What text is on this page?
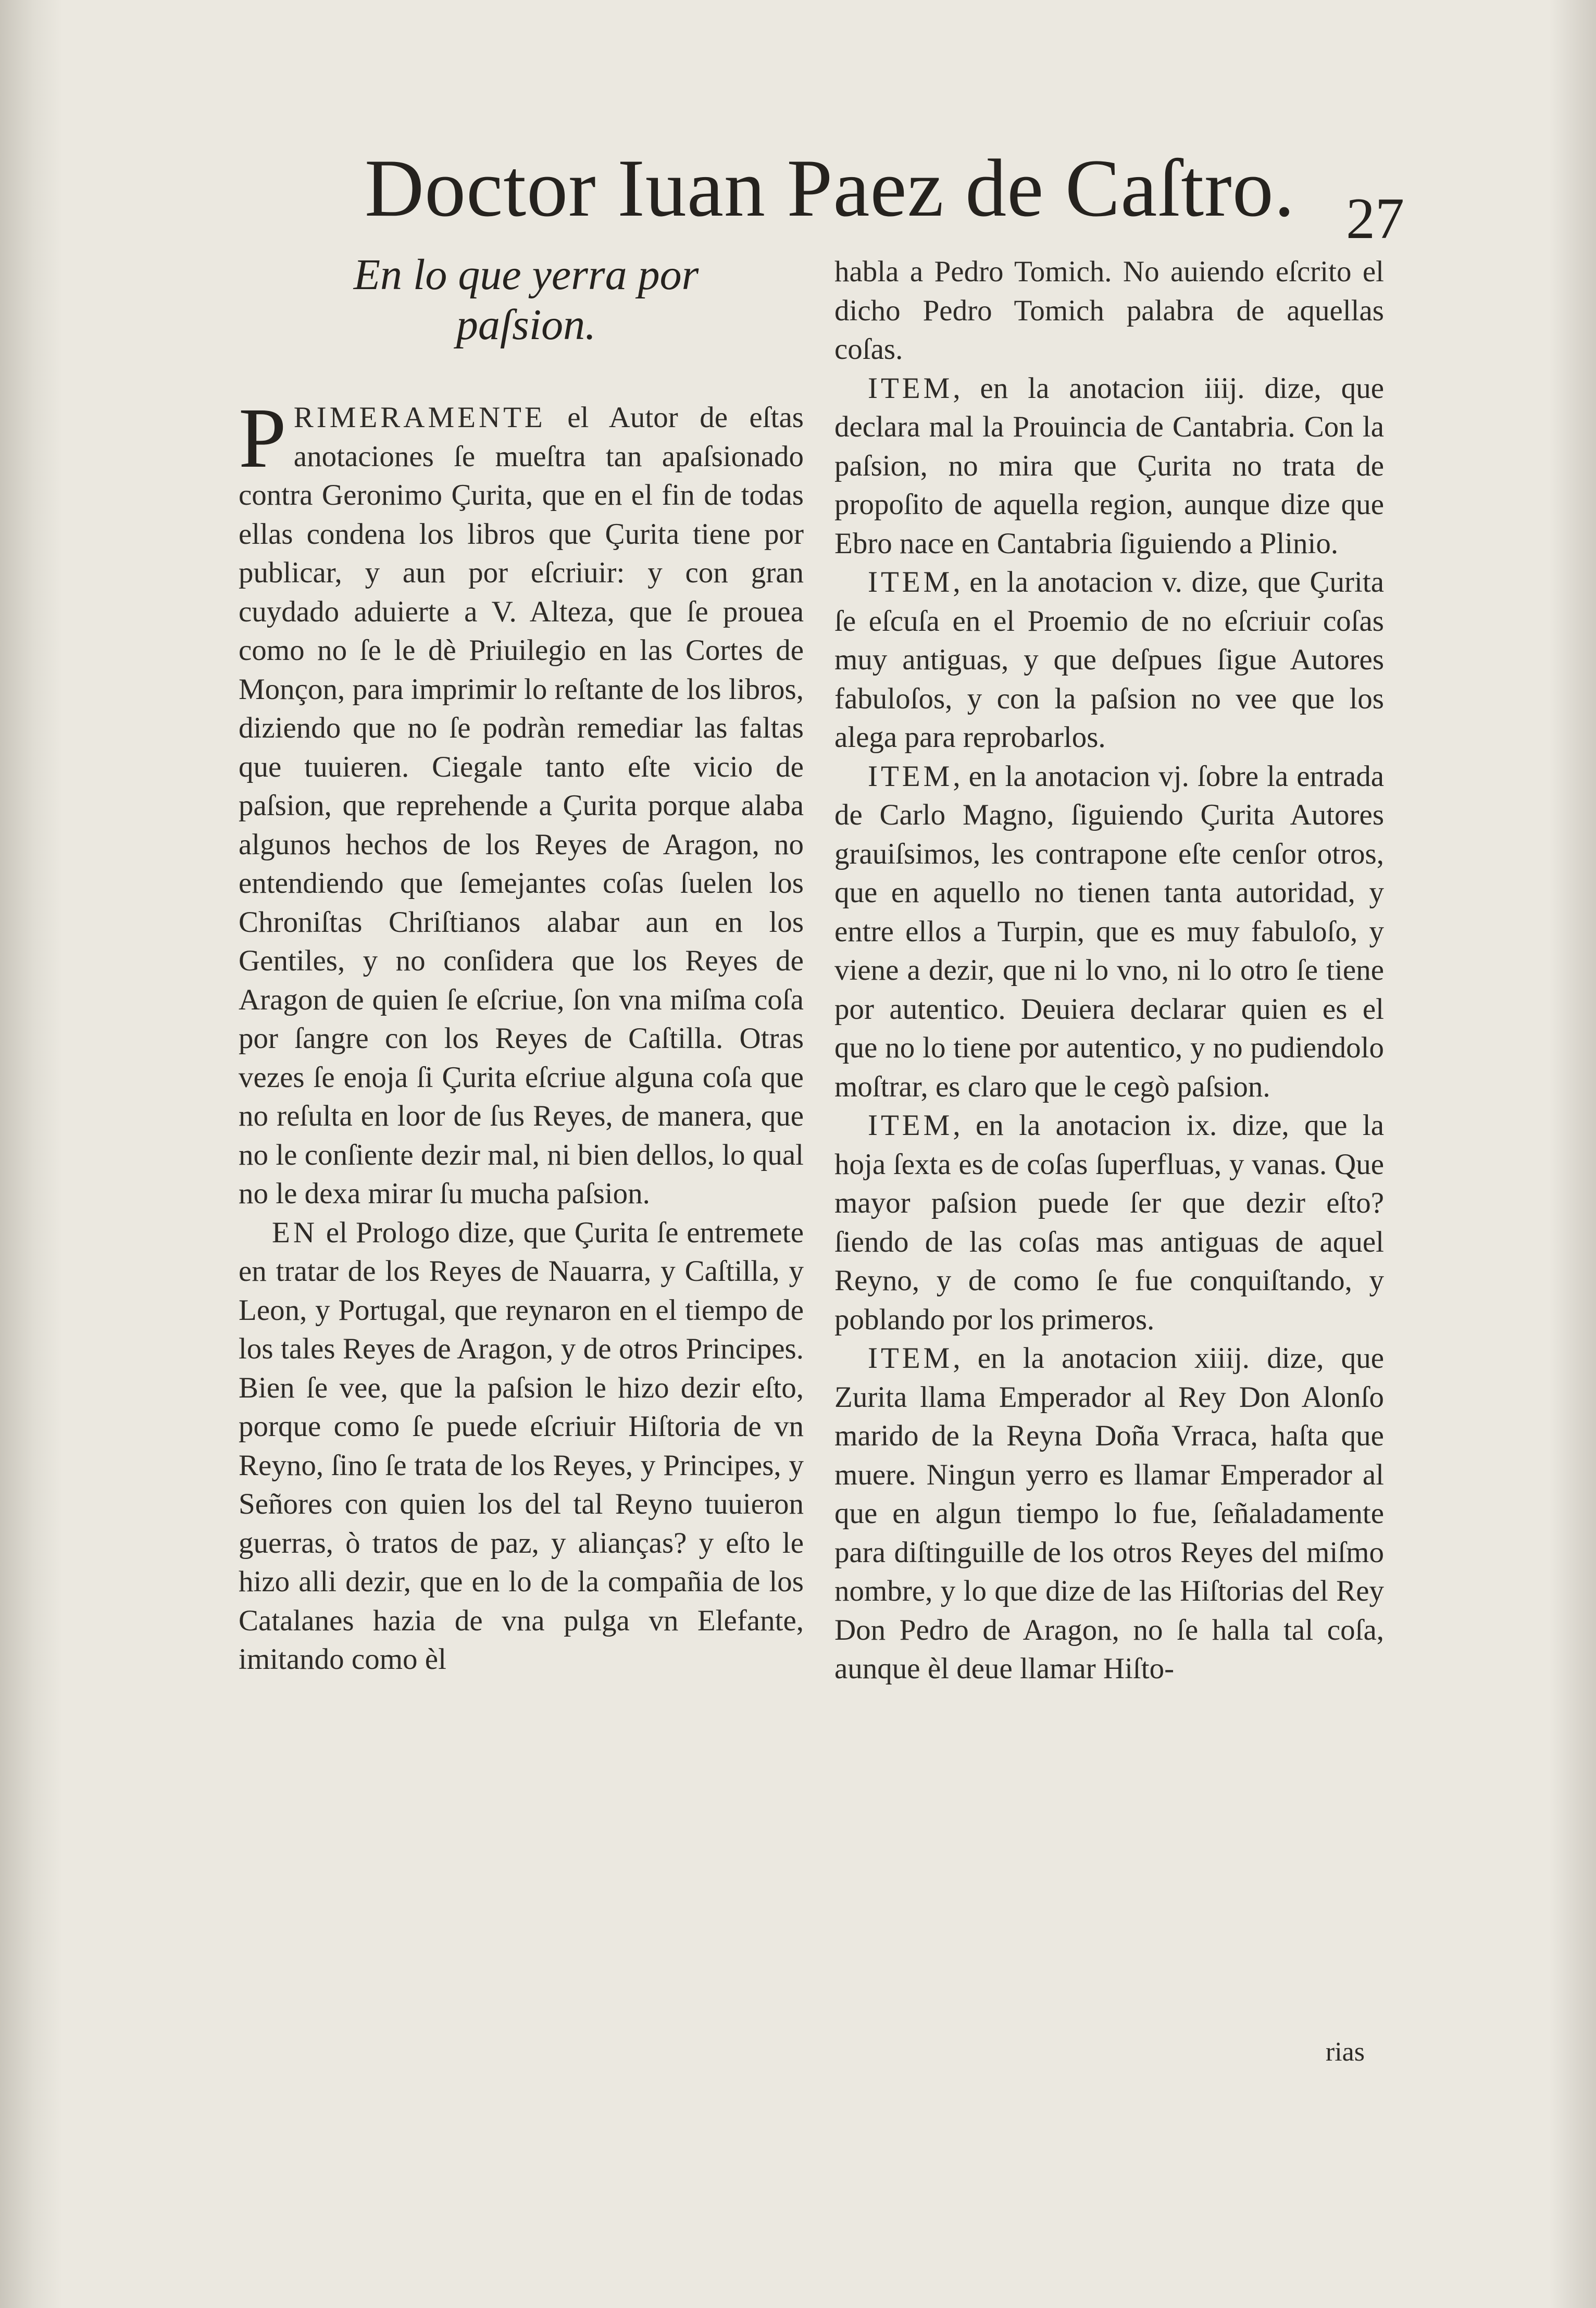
Doctor Iuan Paez de Caſtro. 27
En lo que yerra por
paſsion.

PRIMERAMENTE el Autor de eſtas anotaciones ſe mueſtra tan apaſsionado contra Geronimo Çurita, que en el fin de todas ellas condena los libros que Çurita tiene por publicar, y aun por eſcriuir: y con gran cuydado aduierte a V. Alteza, que ſe prouea como no ſe le dè Priuilegio en las Cortes de Monçon, para imprimir lo reſtante de los libros, diziendo que no ſe podràn remediar las faltas que tuuieren. Ciegale tanto eſte vicio de paſsion, que reprehende a Çurita porque alaba algunos hechos de los Reyes de Aragon, no entendiendo que ſemejantes coſas ſuelen los Chroniſtas Chriſtianos alabar aun en los Gentiles, y no conſidera que los Reyes de Aragon de quien ſe eſcriue, ſon vna miſma coſa por ſangre con los Reyes de Caſtilla. Otras vezes ſe enoja ſi Çurita eſcriue alguna coſa que no reſulta en loor de ſus Reyes, de manera, que no le conſiente dezir mal, ni bien dellos, lo qual no le dexa mirar ſu mucha paſsion.

EN el Prologo dize, que Çurita ſe entremete en tratar de los Reyes de Nauarra, y Caſtilla, y Leon, y Portugal, que reynaron en el tiempo de los tales Reyes de Aragon, y de otros Principes. Bien ſe vee, que la paſsion le hizo dezir eſto, porque como ſe puede eſcriuir Hiſtoria de vn Reyno, ſino ſe trata de los Reyes, y Principes, y Señores con quien los del tal Reyno tuuieron guerras, ò tratos de paz, y alianças? y eſto le hizo alli dezir, que en lo de la compañia de los Catalanes hazia de vna pulga vn Elefante, imitando como èl

habla a Pedro Tomich. No auiendo eſcrito el dicho Pedro Tomich palabra de aquellas coſas.

ITEM, en la anotacion iiij. dize, que declara mal la Prouincia de Cantabria. Con la paſsion, no mira que Çurita no trata de propoſito de aquella region, aunque dize que Ebro nace en Cantabria ſiguiendo a Plinio.

ITEM, en la anotacion v. dize, que Çurita ſe eſcuſa en el Proemio de no eſcriuir coſas muy antiguas, y que deſpues ſigue Autores fabuloſos, y con la paſsion no vee que los alega para reprobarlos.

ITEM, en la anotacion vj. ſobre la entrada de Carlo Magno, ſiguiendo Çurita Autores grauiſsimos, les contrapone eſte cenſor otros, que en aquello no tienen tanta autoridad, y entre ellos a Turpin, que es muy fabuloſo, y viene a dezir, que ni lo vno, ni lo otro ſe tiene por autentico. Deuiera declarar quien es el que no lo tiene por autentico, y no pudiendolo moſtrar, es claro que le cegò paſsion.

ITEM, en la anotacion ix. dize, que la hoja ſexta es de coſas ſuperfluas, y vanas. Que mayor paſsion puede ſer que dezir eſto? ſiendo de las coſas mas antiguas de aquel Reyno, y de como ſe fue conquiſtando, y poblando por los primeros.

ITEM, en la anotacion xiiij. dize, que Zurita llama Emperador al Rey Don Alonſo marido de la Reyna Doña Vrraca, haſta que muere. Ningun yerro es llamar Emperador al que en algun tiempo lo fue, ſeñaladamente para diſtinguille de los otros Reyes del miſmo nombre, y lo que dize de las Hiſtorias del Rey Don Pedro de Aragon, no ſe halla tal coſa, aunque èl deue llamar Hiſto-

rias
